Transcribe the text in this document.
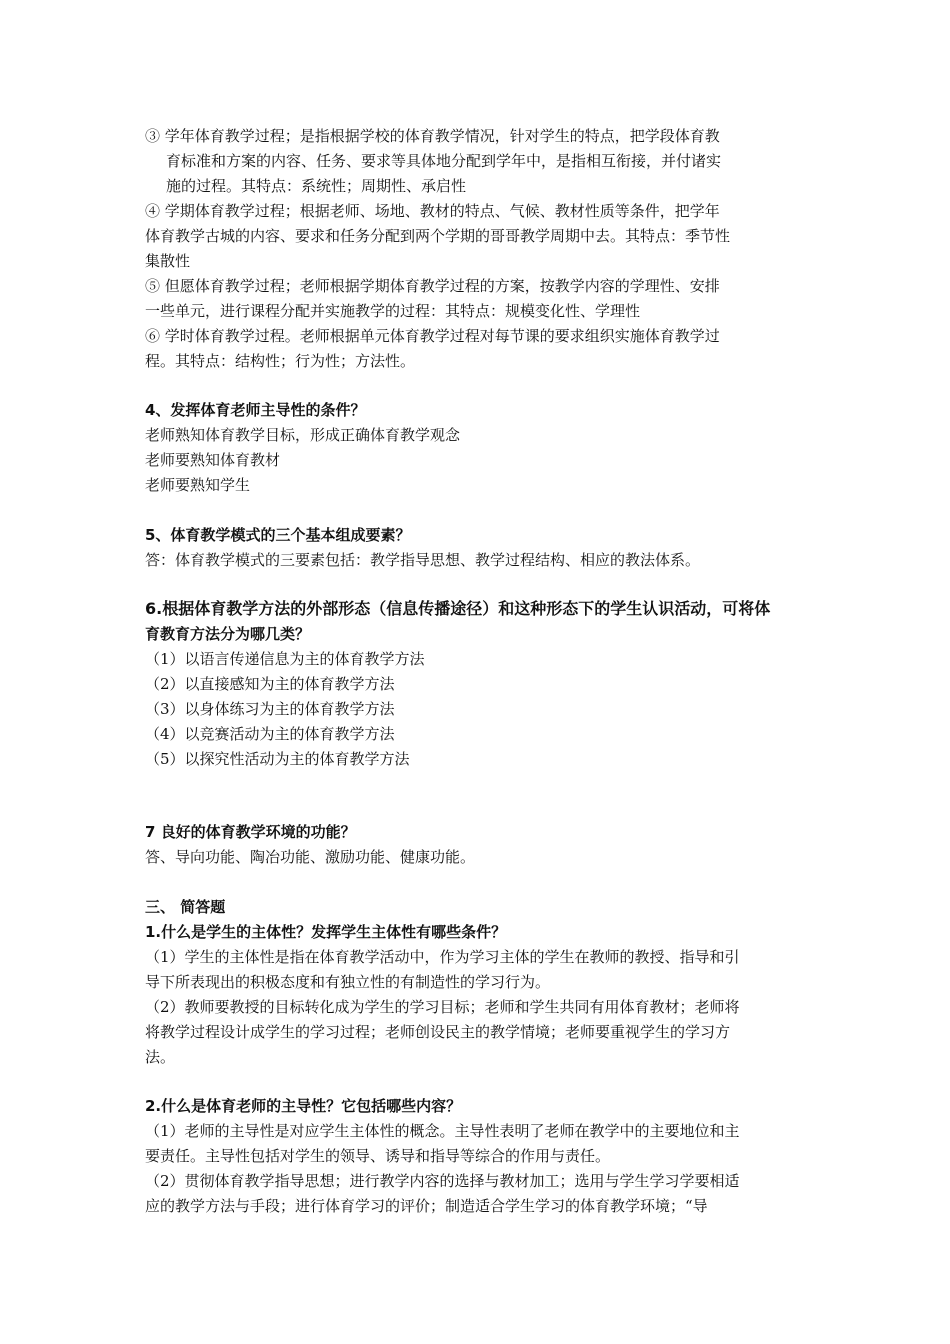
③ 学年体育教学过程；是指根据学校的体育教学情况，针对学生的特点，把学段体育教
育标准和方案的内容、任务、要求等具体地分配到学年中，是指相互衔接，并付诸实
施的过程。其特点：系统性；周期性、承启性
④ 学期体育教学过程；根据老师、场地、教材的特点、气候、教材性质等条件，把学年
体育教学古城的内容、要求和任务分配到两个学期的哥哥教学周期中去。其特点：季节性
集散性
⑤ 但愿体育教学过程；老师根据学期体育教学过程的方案，按教学内容的学理性、安排
一些单元，进行课程分配并实施教学的过程：其特点：规模变化性、学理性
⑥ 学时体育教学过程。老师根据单元体育教学过程对每节课的要求组织实施体育教学过
程。其特点：结构性；行为性；方法性。
4、发挥体育老师主导性的条件？
老师熟知体育教学目标，形成正确体育教学观念
老师要熟知体育教材
老师要熟知学生
5、体育教学模式的三个基本组成要素？
答：体育教学模式的三要素包括：教学指导思想、教学过程结构、相应的教法体系。
6.根据体育教学方法的外部形态（信息传播途径）和这种形态下的学生认识活动，可将体
育教育方法分为哪几类？
（1）以语言传递信息为主的体育教学方法
（2）以直接感知为主的体育教学方法
（3）以身体练习为主的体育教学方法
（4）以竞赛活动为主的体育教学方法
（5）以探究性活动为主的体育教学方法
7 良好的体育教学环境的功能？
答、导向功能、陶冶功能、激励功能、健康功能。
三、 简答题
1.什么是学生的主体性？发挥学生主体性有哪些条件？
（1）学生的主体性是指在体育教学活动中，作为学习主体的学生在教师的教授、指导和引
导下所表现出的积极态度和有独立性的有制造性的学习行为。
（2）教师要教授的目标转化成为学生的学习目标；老师和学生共同有用体育教材；老师将
将教学过程设计成学生的学习过程；老师创设民主的教学情境；老师要重视学生的学习方
法。
2.什么是体育老师的主导性？它包括哪些内容？
（1）老师的主导性是对应学生主体性的概念。主导性表明了老师在教学中的主要地位和主
要责任。主导性包括对学生的领导、诱导和指导等综合的作用与责任。
（2）贯彻体育教学指导思想；进行教学内容的选择与教材加工；选用与学生学习学要相适
应的教学方法与手段；进行体育学习的评价；制造适合学生学习的体育教学环境；“导
